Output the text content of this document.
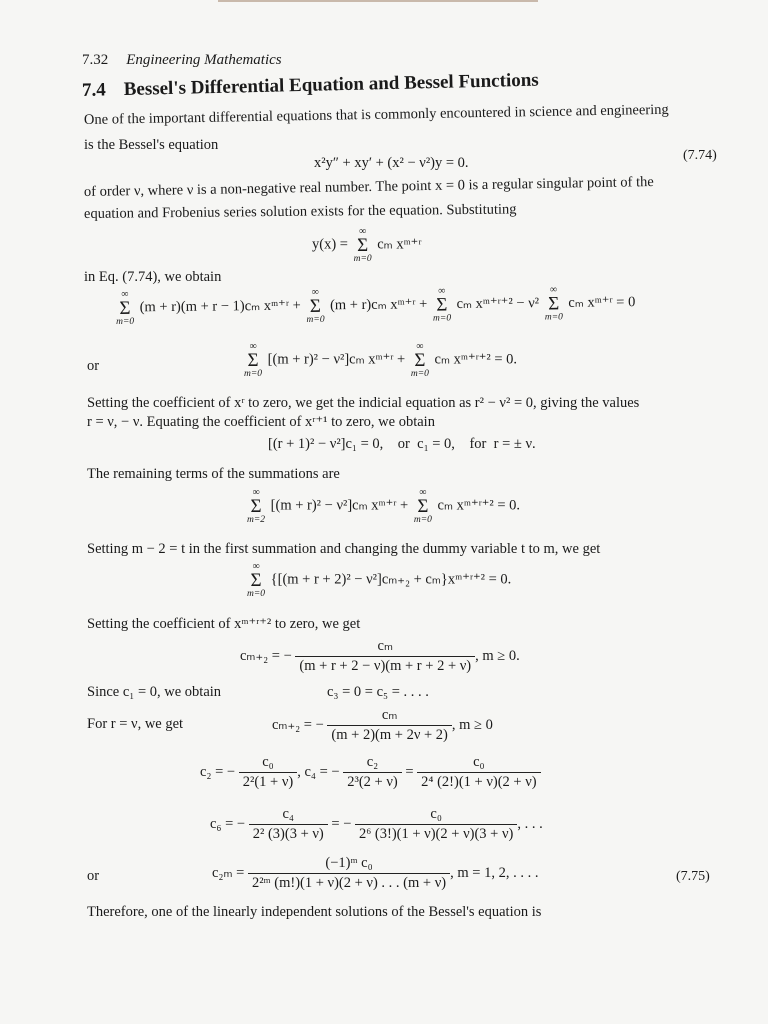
7.32 Engineering Mathematics
7.4 Bessel's Differential Equation and Bessel Functions
One of the important differential equations that is commonly encountered in science and engineering
is the Bessel's equation
x²y″ + xy′ + (x² − ν²)y = 0.	(7.74)
of order ν, where ν is a non-negative real number. The point x = 0 is a regular singular point of the
equation and Frobenius series solution exists for the equation. Substituting
y(x) =
∞
Σ
m=0
cₘ xᵐ⁺ʳ
in Eq. (7.74), we obtain
∞
Σ
m=0
(m + r)(m + r − 1)cₘ xᵐ⁺ʳ +
∞
Σ
m=0
(m + r)cₘ xᵐ⁺ʳ +
∞
Σ
m=0
cₘ xᵐ⁺ʳ⁺² − ν²
∞
Σ
m=0
cₘ xᵐ⁺ʳ = 0
or
∞
Σ
m=0
[(m + r)² − ν²]cₘ xᵐ⁺ʳ +
∞
Σ
m=0
cₘ xᵐ⁺ʳ⁺² = 0.
Setting the coefficient of xʳ to zero, we get the indicial equation as r² − ν² = 0, giving the values
r = ν, − ν. Equating the coefficient of xʳ⁺¹ to zero, we obtain
[(r + 1)² − ν²]c₁ = 0, or c₁ = 0, for r = ± ν.
The remaining terms of the summations are
∞
Σ
m=2
[(m + r)² − ν²]cₘ xᵐ⁺ʳ +
∞
Σ
m=0
cₘ xᵐ⁺ʳ⁺² = 0.
Setting m − 2 = t in the first summation and changing the dummy variable t to m, we get
∞
Σ
m=0
{[(m + r + 2)² − ν²]cₘ₊₂ + cₘ}xᵐ⁺ʳ⁺² = 0.
Setting the coefficient of xᵐ⁺ʳ⁺² to zero, we get
cₘ₊₂ = − $\frac{\text{cₘ}}{(m + r + 2 - \nu)(m + r + 2 + \nu)}$ , m ≥ 0.
Since c₁ = 0, we obtain	c₃ = 0 = c₅ = . . . .
For r = ν, we get	cₘ₊₂ = − $\frac{\text{cₘ}}{(m + 2)(m + 2\nu + 2)}$ , m ≥ 0
c₂ = − $\frac{\text{c₀}}{\text{2²(1 + ν)}}$ , c₄ = − $\frac{\text{c₂}}{\text{2³(2 + ν)}} = \frac{\text{c₀}}{\text{2⁴ (2!)(1 + ν)(2 + ν)}}$
c₆ = − $\frac{\text{c₄}}{\text{2² (3)(3 + ν)}}$ = − $\frac{\text{c₀}}{\text{2⁶ (3!)(1 + ν)(2 + ν)(3 + ν)}}$ , . . .
or	$c_{2m} = \frac{\text{(−1)ᵐ c₀}}{\text{2²ᵐ (m!)(1 + ν)(2 + ν) . . . (m + ν)}}$ , m = 1, 2, . . . .	(7.75)
Therefore, one of the linearly independent solutions of the Bessel's equation is
